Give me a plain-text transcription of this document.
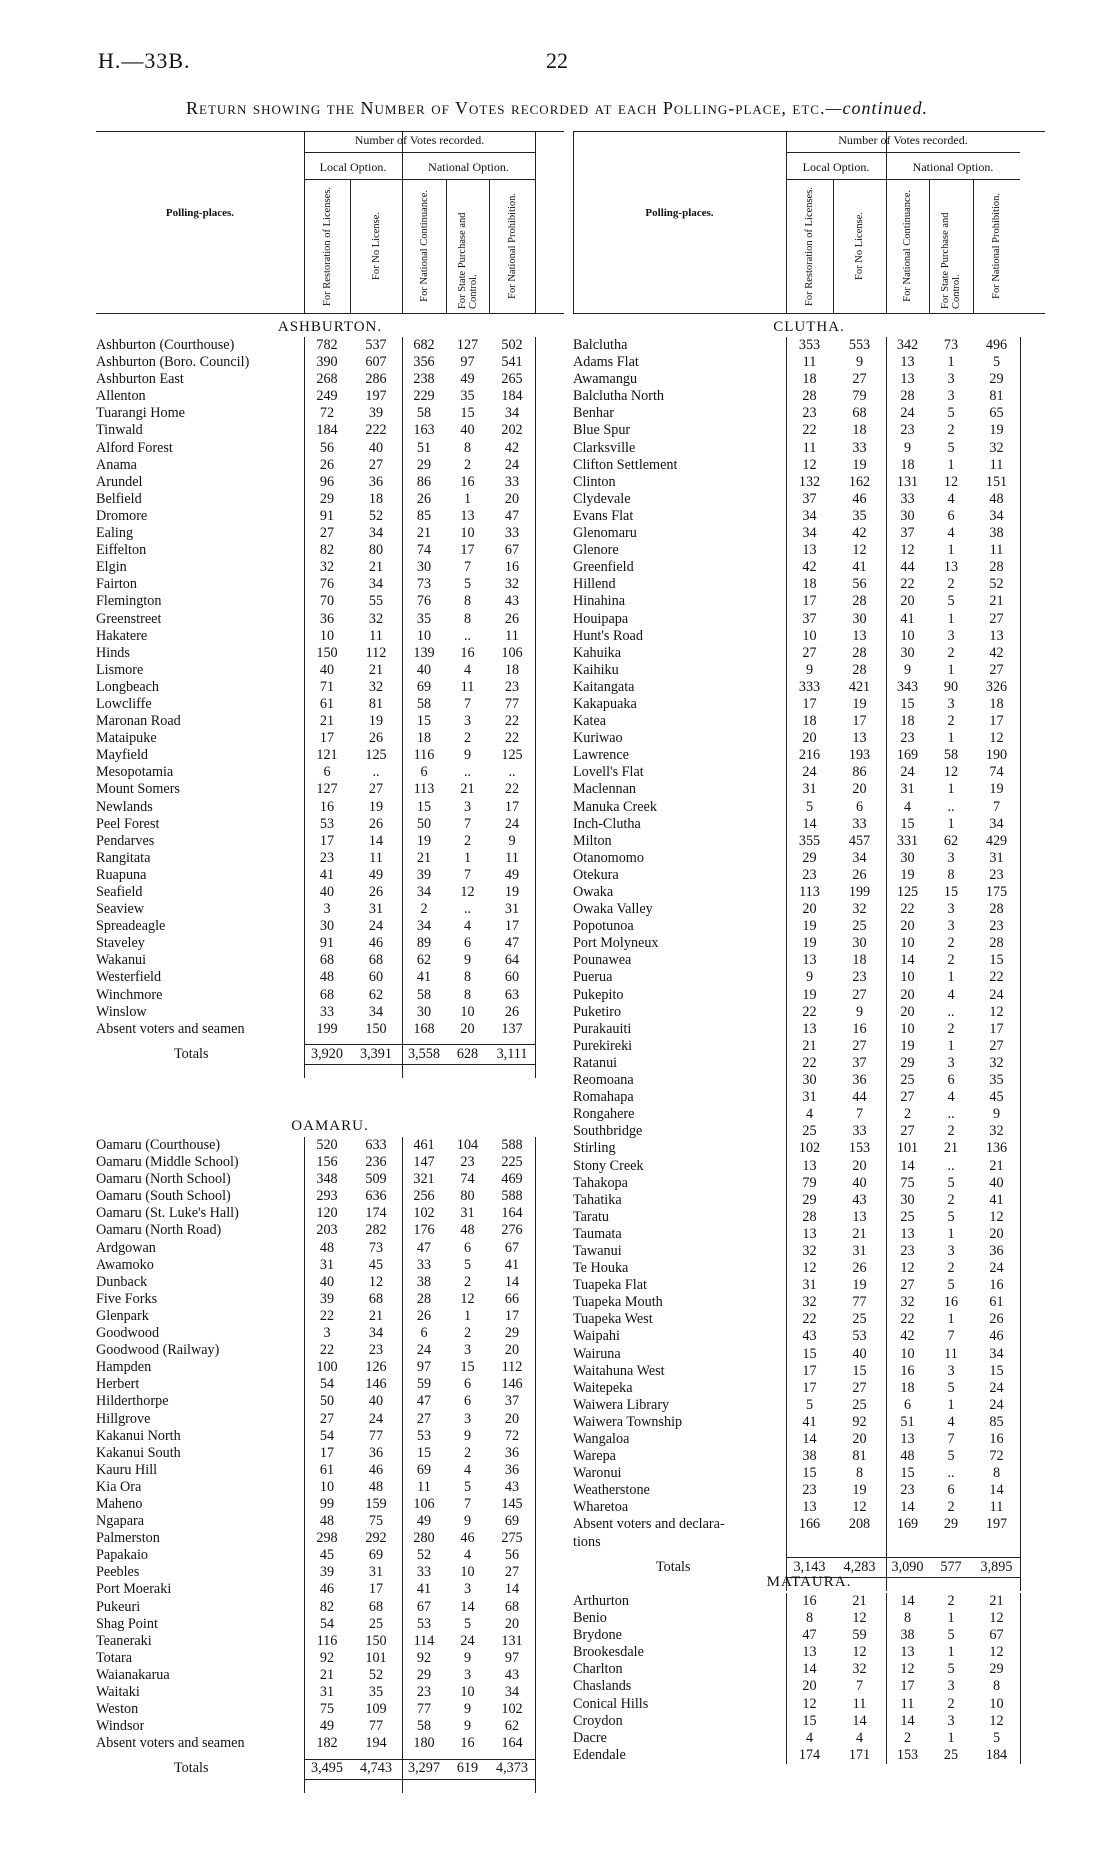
H.—33B.	22
Return showing the Number of Votes recorded at each Polling-place, etc.—continued.
Number of Votes recorded.
Local Option.	National Option.
Polling-places.	For Restoration of Licenses.	For No License.	For National Continuance.	For State Purchase and Control.	For National Prohibition.
ASHBURTON.
Ashburton (Courthouse)	782	537	682	127	502
Ashburton (Boro. Council)	390	607	356	97	541
Ashburton East	268	286	238	49	265
Allenton	249	197	229	35	184
Tuarangi Home	72	39	58	15	34
Tinwald	184	222	163	40	202
Alford Forest	56	40	51	8	42
Anama	26	27	29	2	24
Arundel	96	36	86	16	33
Belfield	29	18	26	1	20
Dromore	91	52	85	13	47
Ealing	27	34	21	10	33
Eiffelton	82	80	74	17	67
Elgin	32	21	30	7	16
Fairton	76	34	73	5	32
Flemington	70	55	76	8	43
Greenstreet	36	32	35	8	26
Hakatere	10	11	10	..	11
Hinds	150	112	139	16	106
Lismore	40	21	40	4	18
Longbeach	71	32	69	11	23
Lowcliffe	61	81	58	7	77
Maronan Road	21	19	15	3	22
Mataipuke	17	26	18	2	22
Mayfield	121	125	116	9	125
Mesopotamia	6	..	6	..	..
Mount Somers	127	27	113	21	22
Newlands	16	19	15	3	17
Peel Forest	53	26	50	7	24
Pendarves	17	14	19	2	9
Rangitata	23	11	21	1	11
Ruapuna	41	49	39	7	49
Seafield	40	26	34	12	19
Seaview	3	31	2	..	31
Spreadeagle	30	24	34	4	17
Staveley	91	46	89	6	47
Wakanui	68	68	62	9	64
Westerfield	48	60	41	8	60
Winchmore	68	62	58	8	63
Winslow	33	34	30	10	26
Absent voters and seamen	199	150	168	20	137
Totals	3,920	3,391	3,558	628	3,111
OAMARU.
Oamaru (Courthouse)	520	633	461	104	588
Oamaru (Middle School)	156	236	147	23	225
Oamaru (North School)	348	509	321	74	469
Oamaru (South School)	293	636	256	80	588
Oamaru (St. Luke's Hall)	120	174	102	31	164
Oamaru (North Road)	203	282	176	48	276
Ardgowan	48	73	47	6	67
Awamoko	31	45	33	5	41
Dunback	40	12	38	2	14
Five Forks	39	68	28	12	66
Glenpark	22	21	26	1	17
Goodwood	3	34	6	2	29
Goodwood (Railway)	22	23	24	3	20
Hampden	100	126	97	15	112
Herbert	54	146	59	6	146
Hilderthorpe	50	40	47	6	37
Hillgrove	27	24	27	3	20
Kakanui North	54	77	53	9	72
Kakanui South	17	36	15	2	36
Kauru Hill	61	46	69	4	36
Kia Ora	10	48	11	5	43
Maheno	99	159	106	7	145
Ngapara	48	75	49	9	69
Palmerston	298	292	280	46	275
Papakaio	45	69	52	4	56
Peebles	39	31	33	10	27
Port Moeraki	46	17	41	3	14
Pukeuri	82	68	67	14	68
Shag Point	54	25	53	5	20
Teaneraki	116	150	114	24	131
Totara	92	101	92	9	97
Waianakarua	21	52	29	3	43
Waitaki	31	35	23	10	34
Weston	75	109	77	9	102
Windsor	49	77	58	9	62
Absent voters and seamen	182	194	180	16	164
Totals	3,495	4,743	3,297	619	4,373
Number of Votes recorded.
Local Option.	National Option.
Polling-places.	For Restoration of Licenses.	For No License.	For National Continuance.	For State Purchase and Control.	For National Prohibition.
CLUTHA.
Balclutha	353	553	342	73	496
Adams Flat	11	9	13	1	5
Awamangu	18	27	13	3	29
Balclutha North	28	79	28	3	81
Benhar	23	68	24	5	65
Blue Spur	22	18	23	2	19
Clarksville	11	33	9	5	32
Clifton Settlement	12	19	18	1	11
Clinton	132	162	131	12	151
Clydevale	37	46	33	4	48
Evans Flat	34	35	30	6	34
Glenomaru	34	42	37	4	38
Glenore	13	12	12	1	11
Greenfield	42	41	44	13	28
Hillend	18	56	22	2	52
Hinahina	17	28	20	5	21
Houipapa	37	30	41	1	27
Hunt's Road	10	13	10	3	13
Kahuika	27	28	30	2	42
Kaihiku	9	28	9	1	27
Kaitangata	333	421	343	90	326
Kakapuaka	17	19	15	3	18
Katea	18	17	18	2	17
Kuriwao	20	13	23	1	12
Lawrence	216	193	169	58	190
Lovell's Flat	24	86	24	12	74
Maclennan	31	20	31	1	19
Manuka Creek	5	6	4	..	7
Inch-Clutha	14	33	15	1	34
Milton	355	457	331	62	429
Otanomomo	29	34	30	3	31
Otekura	23	26	19	8	23
Owaka	113	199	125	15	175
Owaka Valley	20	32	22	3	28
Popotunoa	19	25	20	3	23
Port Molyneux	19	30	10	2	28
Pounawea	13	18	14	2	15
Puerua	9	23	10	1	22
Pukepito	19	27	20	4	24
Puketiro	22	9	20	..	12
Purakauiti	13	16	10	2	17
Purekireki	21	27	19	1	27
Ratanui	22	37	29	3	32
Reomoana	30	36	25	6	35
Romahapa	31	44	27	4	45
Rongahere	4	7	2	..	9
Southbridge	25	33	27	2	32
Stirling	102	153	101	21	136
Stony Creek	13	20	14	..	21
Tahakopa	79	40	75	5	40
Tahatika	29	43	30	2	41
Taratu	28	13	25	5	12
Taumata	13	21	13	1	20
Tawanui	32	31	23	3	36
Te Houka	12	26	12	2	24
Tuapeka Flat	31	19	27	5	16
Tuapeka Mouth	32	77	32	16	61
Tuapeka West	22	25	22	1	26
Waipahi	43	53	42	7	46
Wairuna	15	40	10	11	34
Waitahuna West	17	15	16	3	15
Waitepeka	17	27	18	5	24
Waiwera Library	5	25	6	1	24
Waiwera Township	41	92	51	4	85
Wangaloa	14	20	13	7	16
Warepa	38	81	48	5	72
Waronui	15	8	15	..	8
Weatherstone	23	19	23	6	14
Wharetoa	13	12	14	2	11
Absent voters and declara-	166	208	169	29	197
tions
Totals	3,143	4,283	3,090	577	3,895
MATAURA.
Arthurton	16	21	14	2	21
Benio	8	12	8	1	12
Brydone	47	59	38	5	67
Brookesdale	13	12	13	1	12
Charlton	14	32	12	5	29
Chaslands	20	7	17	3	8
Conical Hills	12	11	11	2	10
Croydon	15	14	14	3	12
Dacre	4	4	2	1	5
Edendale	174	171	153	25	184
